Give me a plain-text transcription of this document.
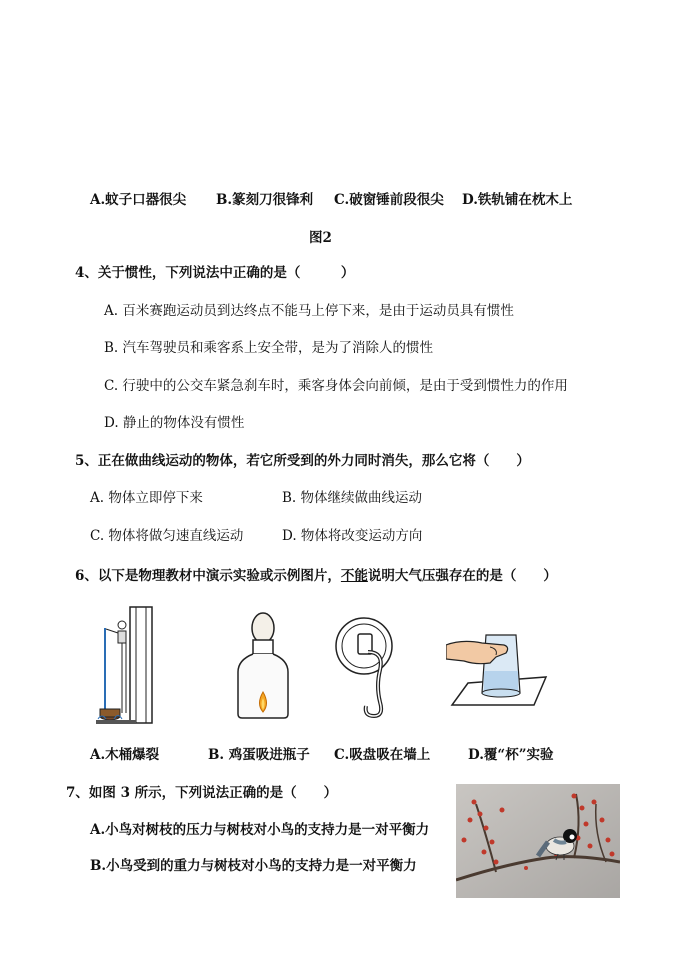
A.蚊子口器很尖 B.篆刻刀很锋利 C.破窗锤前段很尖 D.铁轨铺在枕木上
图2
4、关于惯性，下列说法中正确的是（　　　）
A. 百米赛跑运动员到达终点不能马上停下来，是由于运动员具有惯性
B. 汽车驾驶员和乘客系上安全带，是为了消除人的惯性
C. 行驶中的公交车紧急刹车时，乘客身体会向前倾，是由于受到惯性力的作用
D. 静止的物体没有惯性
5、正在做曲线运动的物体，若它所受到的外力同时消失，那么它将（　　）
A. 物体立即停下来	B. 物体继续做曲线运动
C. 物体将做匀速直线运动	D. 物体将改变运动方向
6、以下是物理教材中演示实验或示例图片，不能说明大气压强存在的是（　　）
A.木桶爆裂	B. 鸡蛋吸进瓶子 C.吸盘吸在墙上	D.覆“杯”实验
7、如图 3 所示，下列说法正确的是（　　）
A.小鸟对树枝的压力与树枝对小鸟的支持力是一对平衡力
B.小鸟受到的重力与树枝对小鸟的支持力是一对平衡力
